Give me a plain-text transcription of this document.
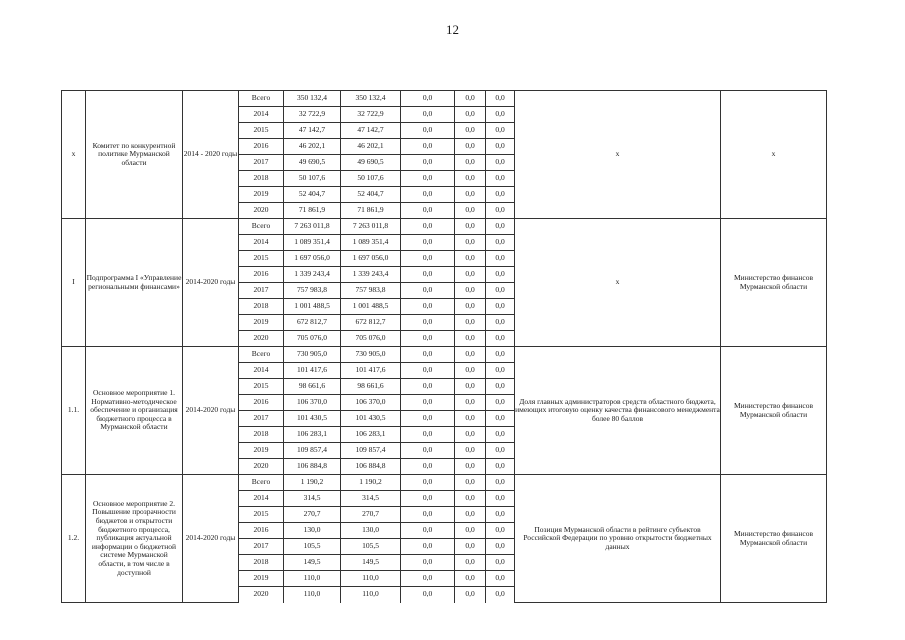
12
x	Комитет по конкурентной политике Мурманской области	2014 - 2020 годы	Всего	350 132,4	350 132,4	0,0	0,0	0,0	x	x
			2014	32 722,9	32 722,9	0,0	0,0	0,0		
			2015	47 142,7	47 142,7	0,0	0,0	0,0		
			2016	46 202,1	46 202,1	0,0	0,0	0,0		
			2017	49 690,5	49 690,5	0,0	0,0	0,0		
			2018	50 107,6	50 107,6	0,0	0,0	0,0		
			2019	52 404,7	52 404,7	0,0	0,0	0,0		
			2020	71 861,9	71 861,9	0,0	0,0	0,0		
I	Подпрограмма I «Управление региональными финансами»	2014-2020 годы	Всего	7 263 011,8	7 263 011,8	0,0	0,0	0,0	x	Министерство финансов Мурманской области
			2014	1 089 351,4	1 089 351,4	0,0	0,0	0,0		
			2015	1 697 056,0	1 697 056,0	0,0	0,0	0,0		
			2016	1 339 243,4	1 339 243,4	0,0	0,0	0,0		
			2017	757 983,8	757 983,8	0,0	0,0	0,0		
			2018	1 001 488,5	1 001 488,5	0,0	0,0	0,0		
			2019	672 812,7	672 812,7	0,0	0,0	0,0		
			2020	705 076,0	705 076,0	0,0	0,0	0,0		
1.1.	Основное мероприятие 1. Нормативно-методическое обеспечение и организация бюджетного процесса в Мурманской области	2014-2020 годы	Всего	730 905,0	730 905,0	0,0	0,0	0,0	Доля главных администраторов средств областного бюджета, имеющих итоговую оценку качества финансового менеджмента более 80 баллов	Министерство финансов Мурманской области
			2014	101 417,6	101 417,6	0,0	0,0	0,0		
			2015	98 661,6	98 661,6	0,0	0,0	0,0		
			2016	106 370,0	106 370,0	0,0	0,0	0,0		
			2017	101 430,5	101 430,5	0,0	0,0	0,0		
			2018	106 283,1	106 283,1	0,0	0,0	0,0		
			2019	109 857,4	109 857,4	0,0	0,0	0,0		
			2020	106 884,8	106 884,8	0,0	0,0	0,0		
1.2.	Основное мероприятие 2. Повышение прозрачности бюджетов и открытости бюджетного процесса, публикация актуальной информации о бюджетной системе Мурманской области, в том числе в доступной	2014-2020 годы	Всего	1 190,2	1 190,2	0,0	0,0	0,0	Позиция Мурманской области в рейтинге субъектов Российской Федерации по уровню открытости бюджетных данных	Министерство финансов Мурманской области
			2014	314,5	314,5	0,0	0,0	0,0		
			2015	270,7	270,7	0,0	0,0	0,0		
			2016	130,0	130,0	0,0	0,0	0,0		
			2017	105,5	105,5	0,0	0,0	0,0		
			2018	149,5	149,5	0,0	0,0	0,0		
			2019	110,0	110,0	0,0	0,0	0,0		
			2020	110,0	110,0	0,0	0,0	0,0		
